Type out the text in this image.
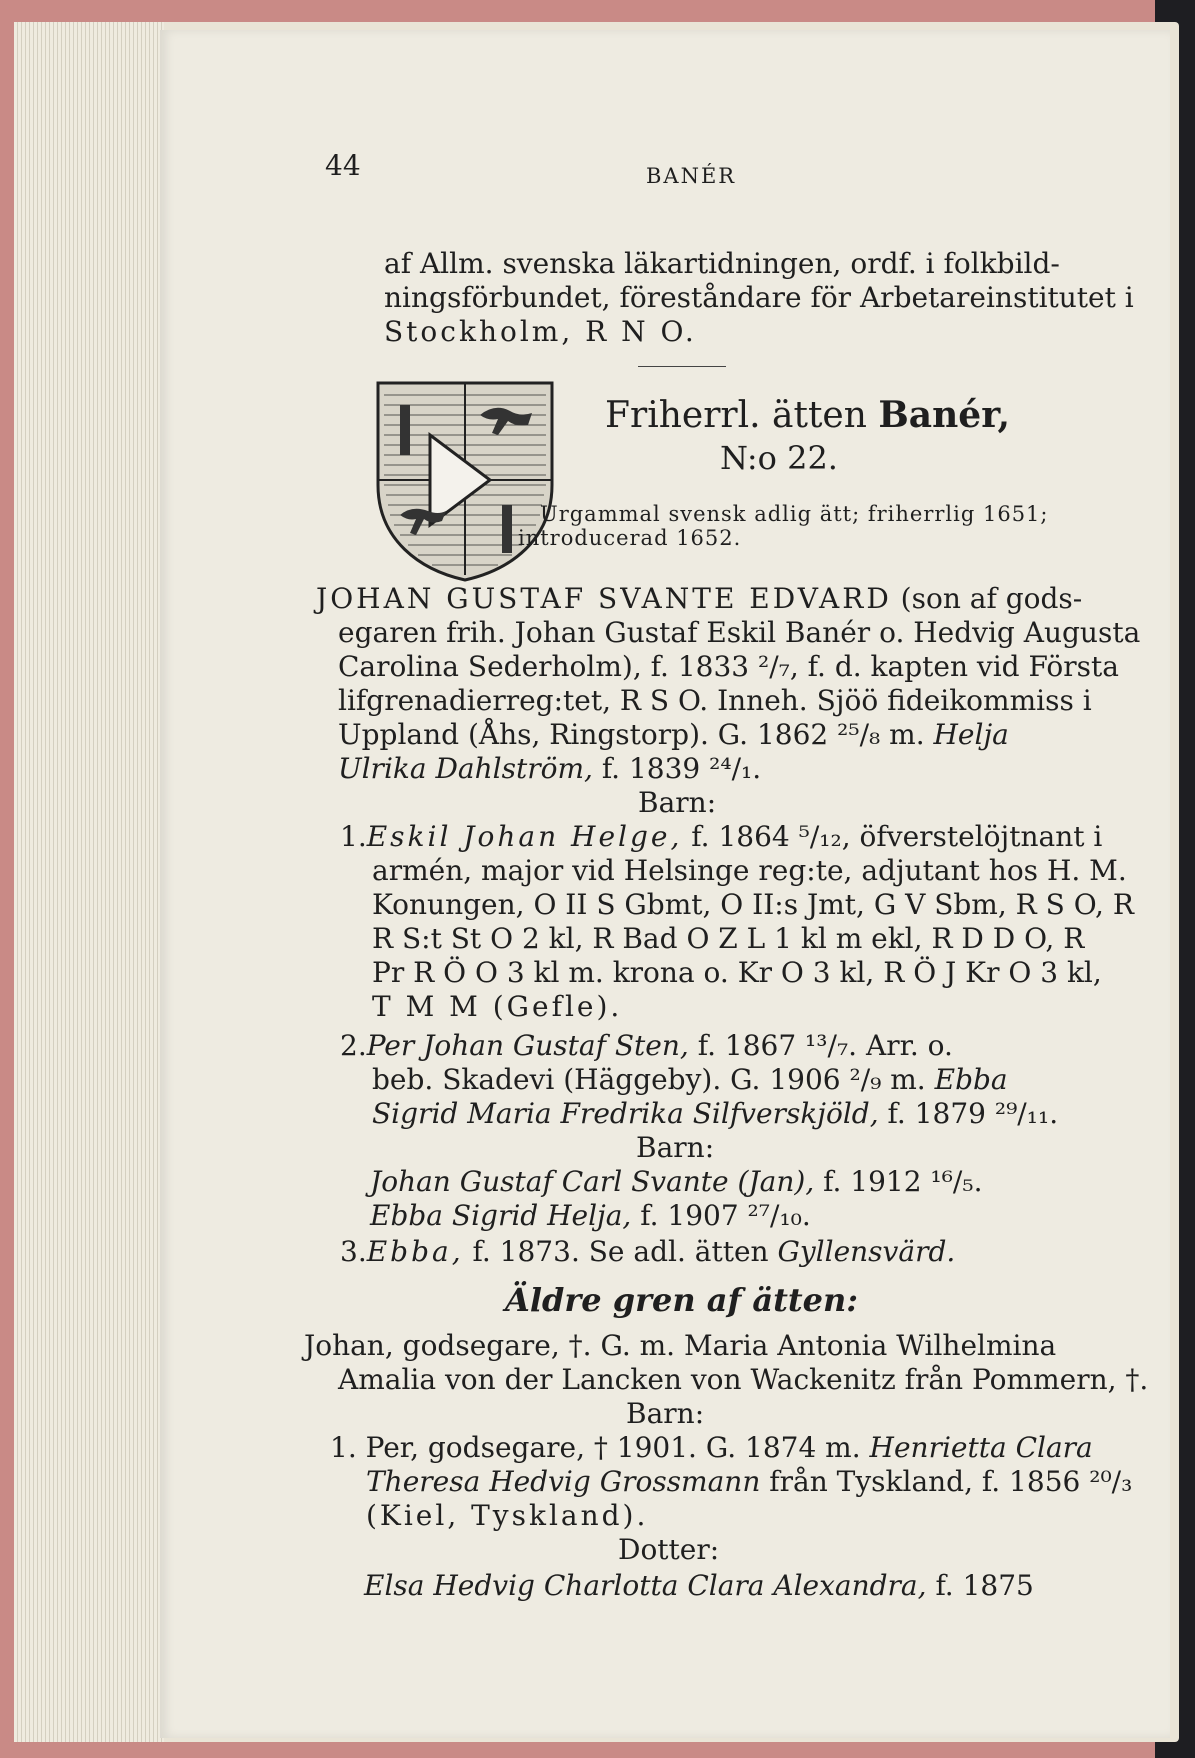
44	BANÉR
af Allm. svenska läkartidningen, ordf. i folkbild-
ningsförbundet, föreståndare för Arbetareinstitutet i
Stockholm, R N O.
Friherrl. ätten Banér,
N:o 22.
Urgammal svensk adlig ätt; friherrlig 1651;
introducerad 1652.
JOHAN GUSTAF SVANTE EDVARD (son af gods-
egaren frih. Johan Gustaf Eskil Banér o. Hedvig Augusta
Carolina Sederholm), f. 1833 ²/₇, f. d. kapten vid Första
lifgrenadierreg:tet, R S O. Inneh. Sjöö fideikommiss i
Uppland (Åhs, Ringstorp). G. 1862 ²⁵/₈ m. Helja
Ulrika Dahlström, f. 1839 ²⁴/₁.
Barn:
1.Eskil Johan Helge, f. 1864 ⁵/₁₂, öfverstelöjtnant i
armén, major vid Helsinge reg:te, adjutant hos H. M.
Konungen, O II S Gbmt, O II:s Jmt, G V Sbm, R S O, R
R S:t St O 2 kl, R Bad O Z L 1 kl m ekl, R D D O, R
Pr R Ö O 3 kl m. krona o. Kr O 3 kl, R Ö J Kr O 3 kl,
T M M (Gefle).
2.Per Johan Gustaf Sten, f. 1867 ¹³/₇. Arr. o.
beb. Skadevi (Häggeby). G. 1906 ²/₉ m. Ebba
Sigrid Maria Fredrika Silfverskjöld, f. 1879 ²⁹/₁₁.
Barn:
Johan Gustaf Carl Svante (Jan), f. 1912 ¹⁶/₅.
Ebba Sigrid Helja, f. 1907 ²⁷/₁₀.
3.Ebba, f. 1873. Se adl. ätten Gyllensvärd.
Äldre gren af ätten:
Johan, godsegare, †. G. m. Maria Antonia Wilhelmina
Amalia von der Lancken von Wackenitz från Pommern, †.
Barn:
1. Per, godsegare, † 1901. G. 1874 m. Henrietta Clara
Theresa Hedvig Grossmann från Tyskland, f. 1856 ²⁰/₃
(Kiel, Tyskland).
Dotter:
Elsa Hedvig Charlotta Clara Alexandra, f. 1875
